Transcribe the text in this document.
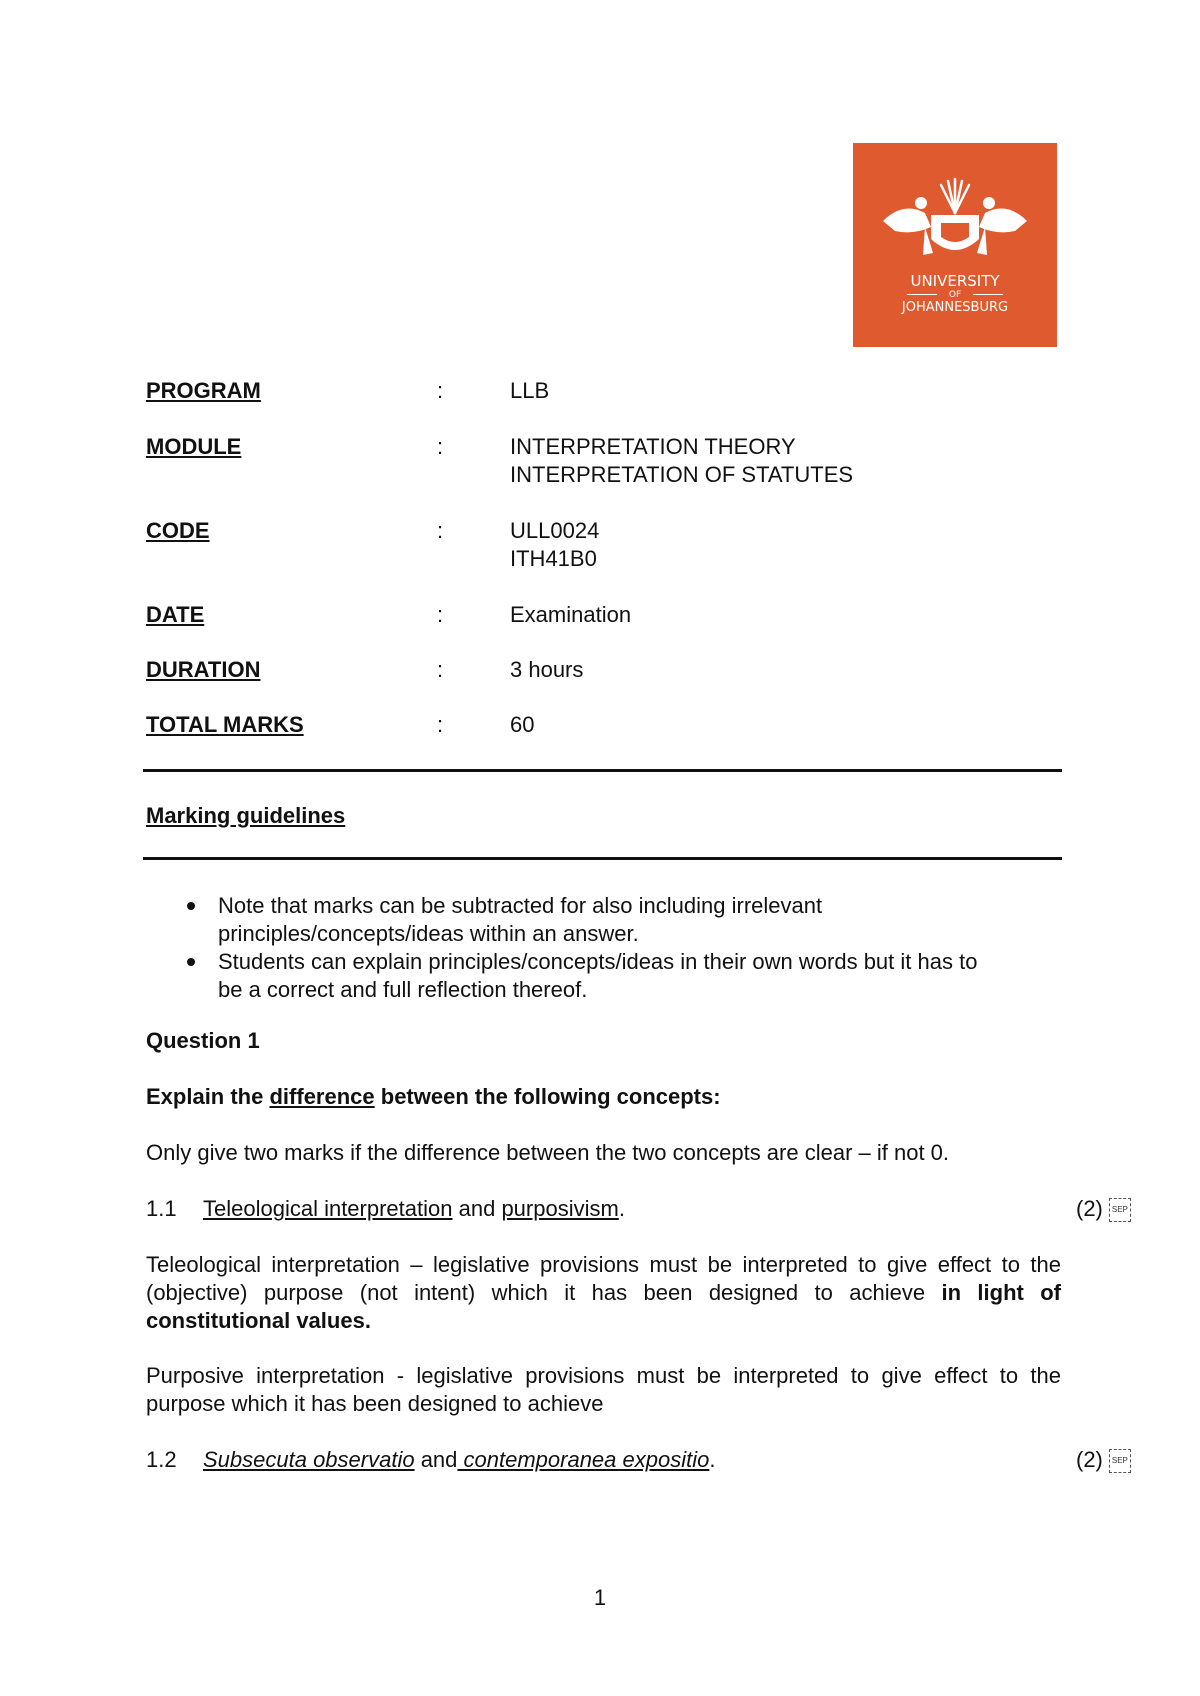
UNIVERSITY
OF
JOHANNESBURG
PROGRAM	:	LLB
MODULE	:	INTERPRETATION THEORY
INTERPRETATION OF STATUTES
CODE	:	ULL0024
ITH41B0
DATE	:	Examination
DURATION	:	3 hours
TOTAL MARKS	:	60
Marking guidelines
Note that marks can be subtracted for also including irrelevant
principles/concepts/ideas within an answer.
Students can explain principles/concepts/ideas in their own words but it has to
be a correct and full reflection thereof.
Question 1
Explain the difference between the following concepts:
Only give two marks if the difference between the two concepts are clear – if not 0.
1.1 Teleological interpretation and purposivism.	(2) SEP
Teleological interpretation – legislative provisions must be interpreted to give effect to the (objective) purpose (not intent) which it has been designed to achieve in light of constitutional values.
Purposive interpretation - legislative provisions must be interpreted to give effect to the purpose which it has been designed to achieve
1.2 Subsecuta observatio and contemporanea expositio.	(2) SEP
1
